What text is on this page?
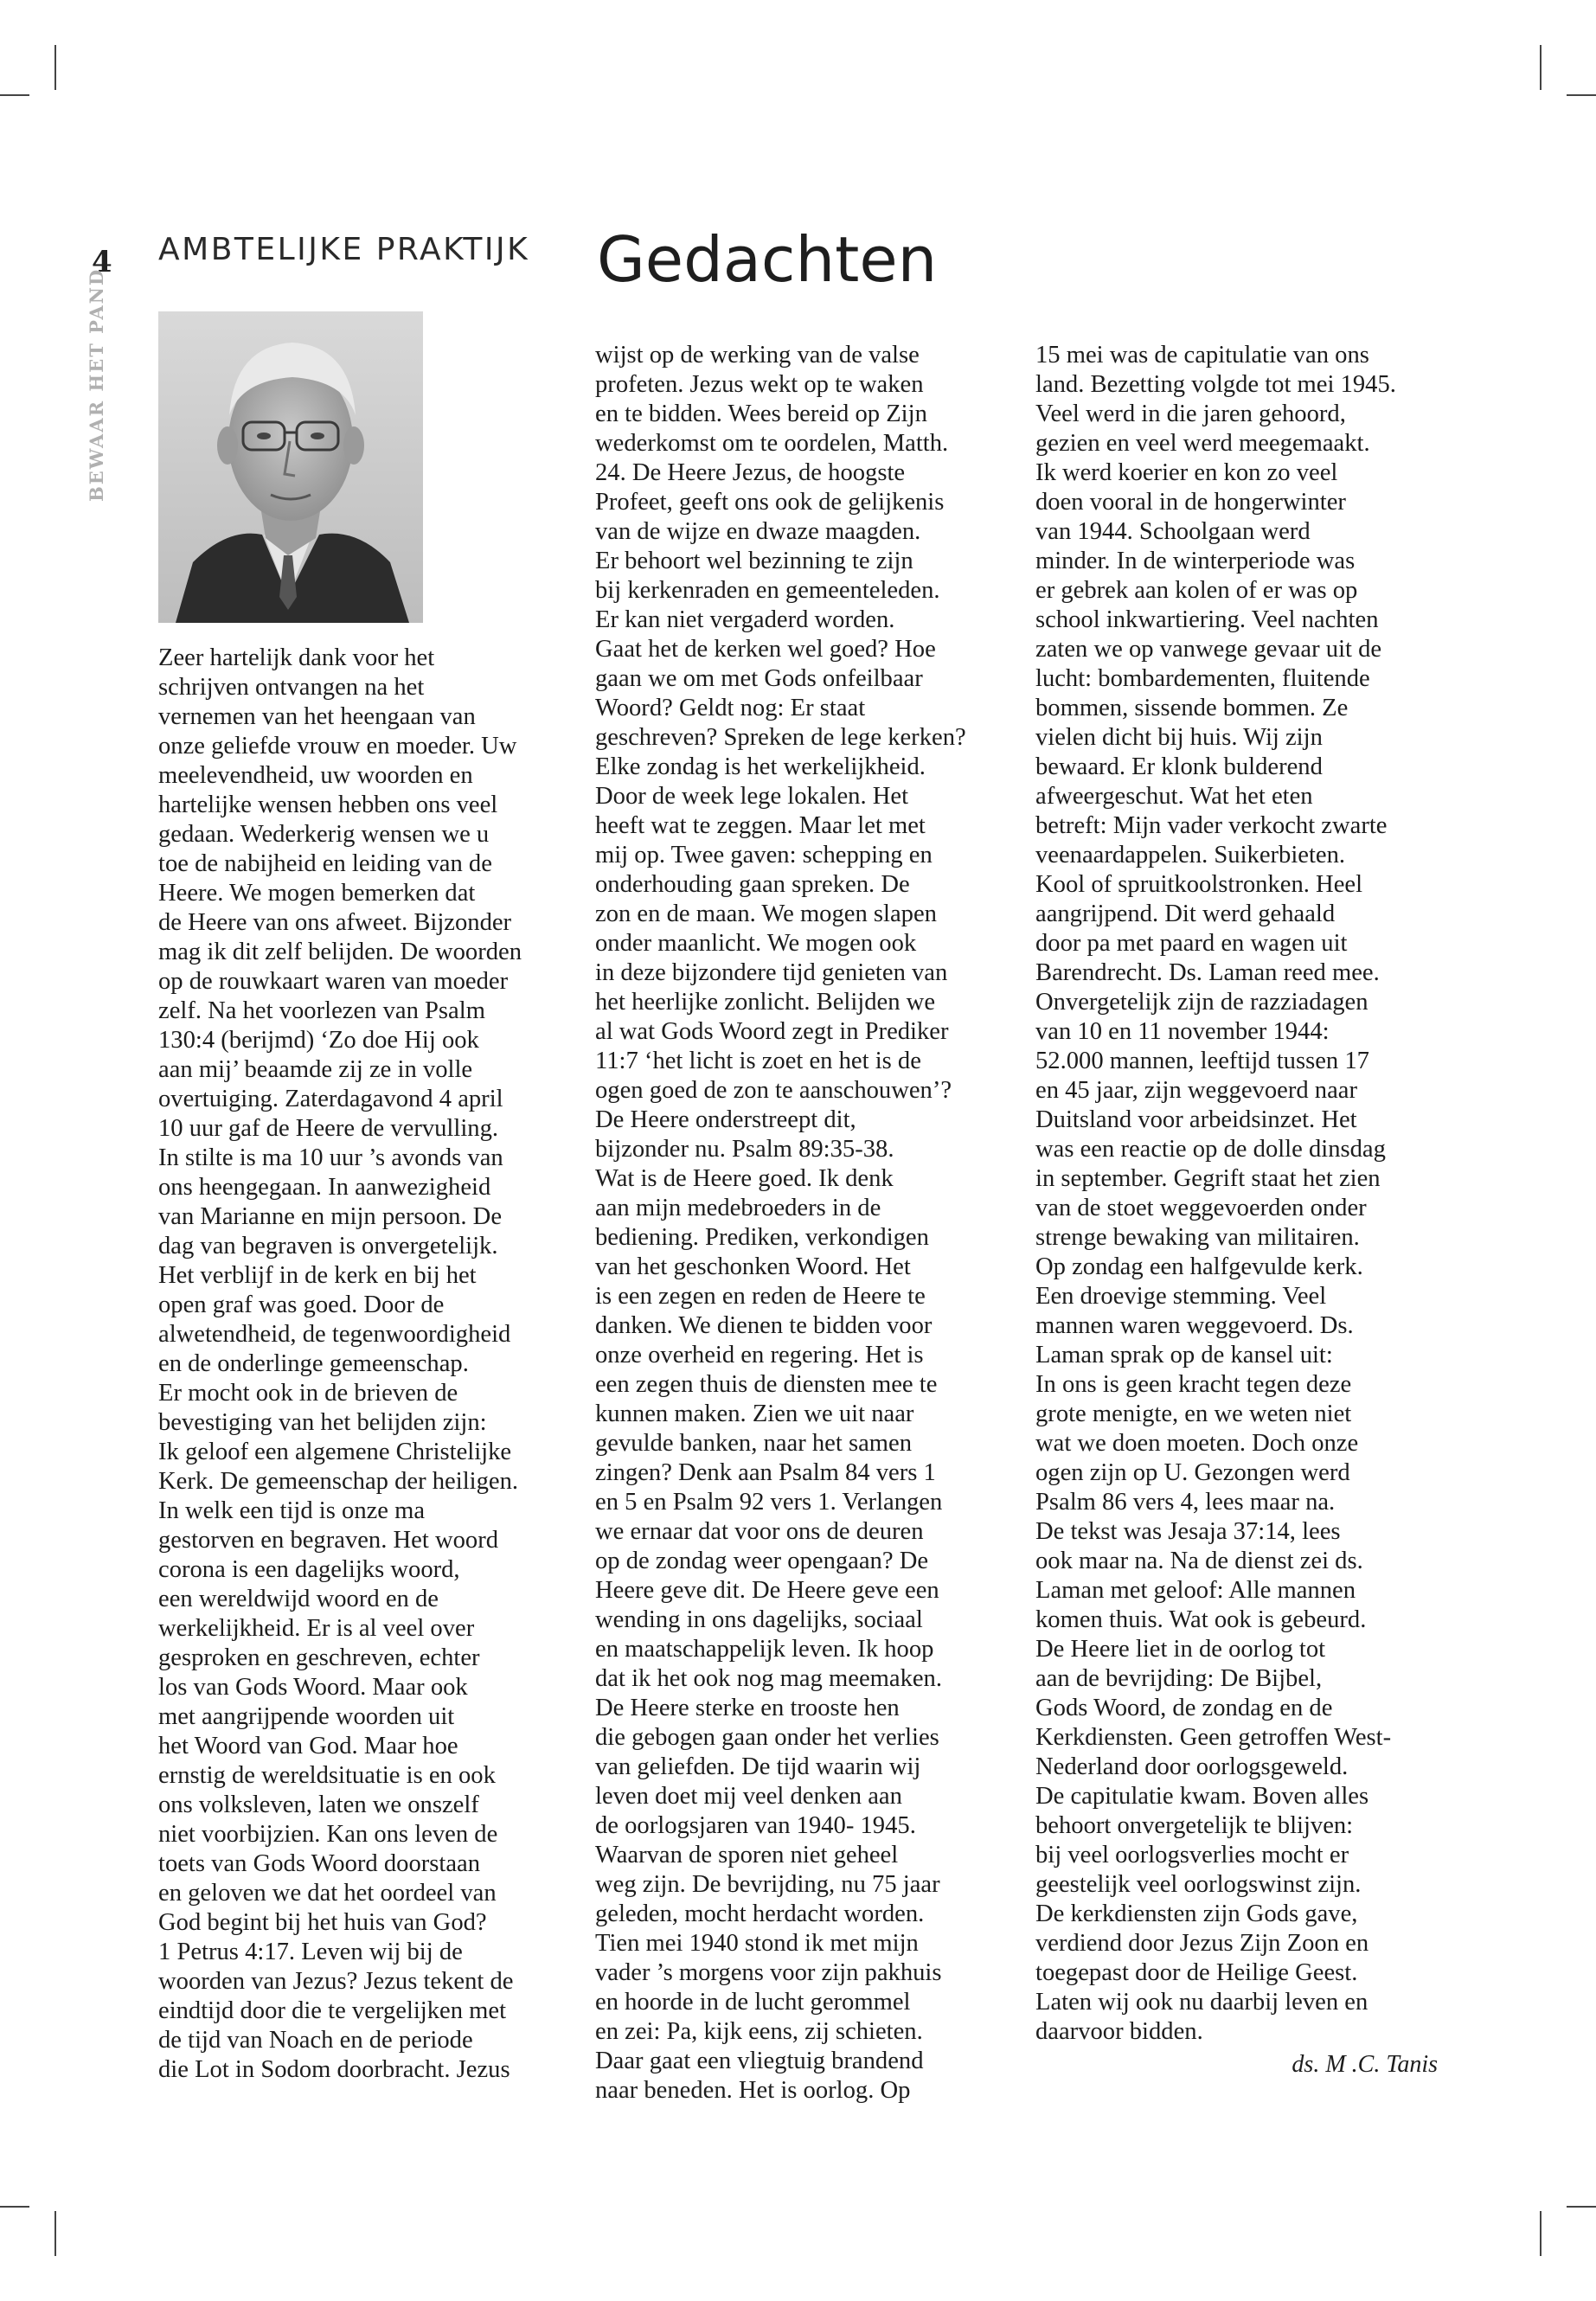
4
BEWAAR HET PAND
AMBTELIJKE PRAKTIJK Gedachten
Zeer hartelijk dank voor het
schrijven ontvangen na het
vernemen van het heengaan van
onze geliefde vrouw en moeder. Uw
meelevendheid, uw woorden en
hartelijke wensen hebben ons veel
gedaan. Wederkerig wensen we u
toe de nabijheid en leiding van de
Heere. We mogen bemerken dat
de Heere van ons afweet. Bijzonder
mag ik dit zelf belijden. De woorden
op de rouwkaart waren van moeder
zelf. Na het voorlezen van Psalm
130:4 (berijmd) ‘Zo doe Hij ook
aan mij’ beaamde zij ze in volle
overtuiging. Zaterdagavond 4 april
10 uur gaf de Heere de vervulling.
In stilte is ma 10 uur ’s avonds van
ons heengegaan. In aanwezigheid
van Marianne en mijn persoon. De
dag van begraven is onvergetelijk.
Het verblijf in de kerk en bij het
open graf was goed. Door de
alwetendheid, de tegenwoordigheid
en de onderlinge gemeenschap.
Er mocht ook in de brieven de
bevestiging van het belijden zijn:
Ik geloof een algemene Christelijke
Kerk. De gemeenschap der heiligen.
In welk een tijd is onze ma
gestorven en begraven. Het woord
corona is een dagelijks woord,
een wereldwijd woord en de
werkelijkheid. Er is al veel over
gesproken en geschreven, echter
los van Gods Woord. Maar ook
met aangrijpende woorden uit
het Woord van God. Maar hoe
ernstig de wereldsituatie is en ook
ons volksleven, laten we onszelf
niet voorbijzien. Kan ons leven de
toets van Gods Woord doorstaan
en geloven we dat het oordeel van
God begint bij het huis van God?
1 Petrus 4:17. Leven wij bij de
woorden van Jezus? Jezus tekent de
eindtijd door die te vergelijken met
de tijd van Noach en de periode
die Lot in Sodom doorbracht. Jezus
wijst op de werking van de valse
profeten. Jezus wekt op te waken
en te bidden. Wees bereid op Zijn
wederkomst om te oordelen, Matth.
24. De Heere Jezus, de hoogste
Profeet, geeft ons ook de gelijkenis
van de wijze en dwaze maagden.
Er behoort wel bezinning te zijn
bij kerkenraden en gemeenteleden.
Er kan niet vergaderd worden.
Gaat het de kerken wel goed? Hoe
gaan we om met Gods onfeilbaar
Woord? Geldt nog: Er staat
geschreven? Spreken de lege kerken?
Elke zondag is het werkelijkheid.
Door de week lege lokalen. Het
heeft wat te zeggen. Maar let met
mij op. Twee gaven: schepping en
onderhouding gaan spreken. De
zon en de maan. We mogen slapen
onder maanlicht. We mogen ook
in deze bijzondere tijd genieten van
het heerlijke zonlicht. Belijden we
al wat Gods Woord zegt in Prediker
11:7 ‘het licht is zoet en het is de
ogen goed de zon te aanschouwen’?
De Heere onderstreept dit,
bijzonder nu. Psalm 89:35-38.
Wat is de Heere goed. Ik denk
aan mijn medebroeders in de
bediening. Prediken, verkondigen
van het geschonken Woord. Het
is een zegen en reden de Heere te
danken. We dienen te bidden voor
onze overheid en regering. Het is
een zegen thuis de diensten mee te
kunnen maken. Zien we uit naar
gevulde banken, naar het samen
zingen? Denk aan Psalm 84 vers 1
en 5 en Psalm 92 vers 1. Verlangen
we ernaar dat voor ons de deuren
op de zondag weer opengaan? De
Heere geve dit. De Heere geve een
wending in ons dagelijks, sociaal
en maatschappelijk leven. Ik hoop
dat ik het ook nog mag meemaken.
De Heere sterke en trooste hen
die gebogen gaan onder het verlies
van geliefden. De tijd waarin wij
leven doet mij veel denken aan
de oorlogsjaren van 1940- 1945.
Waarvan de sporen niet geheel
weg zijn. De bevrijding, nu 75 jaar
geleden, mocht herdacht worden.
Tien mei 1940 stond ik met mijn
vader ’s morgens voor zijn pakhuis
en hoorde in de lucht gerommel
en zei: Pa, kijk eens, zij schieten.
Daar gaat een vliegtuig brandend
naar beneden. Het is oorlog. Op
15 mei was de capitulatie van ons
land. Bezetting volgde tot mei 1945.
Veel werd in die jaren gehoord,
gezien en veel werd meegemaakt.
Ik werd koerier en kon zo veel
doen vooral in de hongerwinter
van 1944. Schoolgaan werd
minder. In de winterperiode was
er gebrek aan kolen of er was op
school inkwartiering. Veel nachten
zaten we op vanwege gevaar uit de
lucht: bombardementen, fluitende
bommen, sissende bommen. Ze
vielen dicht bij huis. Wij zijn
bewaard. Er klonk bulderend
afweergeschut. Wat het eten
betreft: Mijn vader verkocht zwarte
veenaardappelen. Suikerbieten.
Kool of spruitkoolstronken. Heel
aangrijpend. Dit werd gehaald
door pa met paard en wagen uit
Barendrecht. Ds. Laman reed mee.
Onvergetelijk zijn de razziadagen
van 10 en 11 november 1944:
52.000 mannen, leeftijd tussen 17
en 45 jaar, zijn weggevoerd naar
Duitsland voor arbeidsinzet. Het
was een reactie op de dolle dinsdag
in september. Gegrift staat het zien
van de stoet weggevoerden onder
strenge bewaking van militairen.
Op zondag een halfgevulde kerk.
Een droevige stemming. Veel
mannen waren weggevoerd. Ds.
Laman sprak op de kansel uit:
In ons is geen kracht tegen deze
grote menigte, en we weten niet
wat we doen moeten. Doch onze
ogen zijn op U. Gezongen werd
Psalm 86 vers 4, lees maar na.
De tekst was Jesaja 37:14, lees
ook maar na. Na de dienst zei ds.
Laman met geloof: Alle mannen
komen thuis. Wat ook is gebeurd.
De Heere liet in de oorlog tot
aan de bevrijding: De Bijbel,
Gods Woord, de zondag en de
Kerkdiensten. Geen getroffen West-
Nederland door oorlogsgeweld.
De capitulatie kwam. Boven alles
behoort onvergetelijk te blijven:
bij veel oorlogsverlies mocht er
geestelijk veel oorlogswinst zijn.
De kerkdiensten zijn Gods gave,
verdiend door Jezus Zijn Zoon en
toegepast door de Heilige Geest.
Laten wij ook nu daarbij leven en
daarvoor bidden.
ds. M .C. Tanis
